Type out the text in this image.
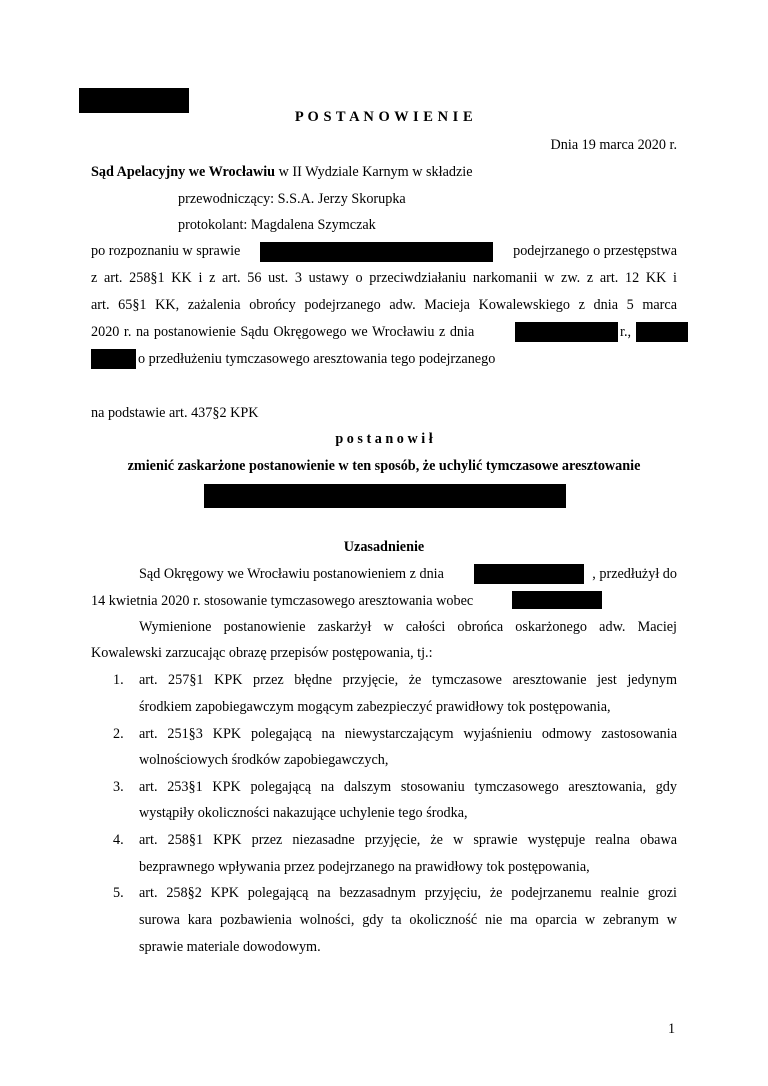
P O S T A N O W I E N I E
Dnia 19 marca 2020 r.
Sąd Apelacyjny we Wrocławiu w II Wydziale Karnym w składzie
przewodniczący: S.S.A. Jerzy Skorupka
protokolant: Magdalena Szymczak
po rozpoznaniu w sprawie	podejrzanego o przestępstwa
z art. 258§1 KK i z art. 56 ust. 3 ustawy o przeciwdziałaniu narkomanii w zw. z art. 12 KK i
art. 65§1 KK, zażalenia obrońcy podejrzanego adw. Macieja Kowalewskiego z dnia 5 marca
2020 r. na postanowienie Sądu Okręgowego we Wrocławiu z dnia	r.,
o przedłużeniu tymczasowego aresztowania tego podejrzanego
na podstawie art. 437§2 KPK
p o s t a n o w i ł
zmienić zaskarżone postanowienie w ten sposób, że uchylić tymczasowe aresztowanie
Uzasadnienie
Sąd Okręgowy we Wrocławiu postanowieniem z dnia	, przedłużył do
14 kwietnia 2020 r. stosowanie tymczasowego aresztowania wobec
Wymienione postanowienie zaskarżył w całości obrońca oskarżonego adw. Maciej
Kowalewski zarzucając obrazę przepisów postępowania, tj.:
1. art. 257§1 KPK przez błędne przyjęcie, że tymczasowe aresztowanie jest jedynym
środkiem zapobiegawczym mogącym zabezpieczyć prawidłowy tok postępowania,
2. art. 251§3 KPK polegającą na niewystarczającym wyjaśnieniu odmowy zastosowania
wolnościowych środków zapobiegawczych,
3. art. 253§1 KPK polegającą na dalszym stosowaniu tymczasowego aresztowania, gdy
wystąpiły okoliczności nakazujące uchylenie tego środka,
4. art. 258§1 KPK przez niezasadne przyjęcie, że w sprawie występuje realna obawa
bezprawnego wpływania przez podejrzanego na prawidłowy tok postępowania,
5. art. 258§2 KPK polegającą na bezzasadnym przyjęciu, że podejrzanemu realnie grozi
surowa kara pozbawienia wolności, gdy ta okoliczność nie ma oparcia w zebranym w
sprawie materiale dowodowym.
1
